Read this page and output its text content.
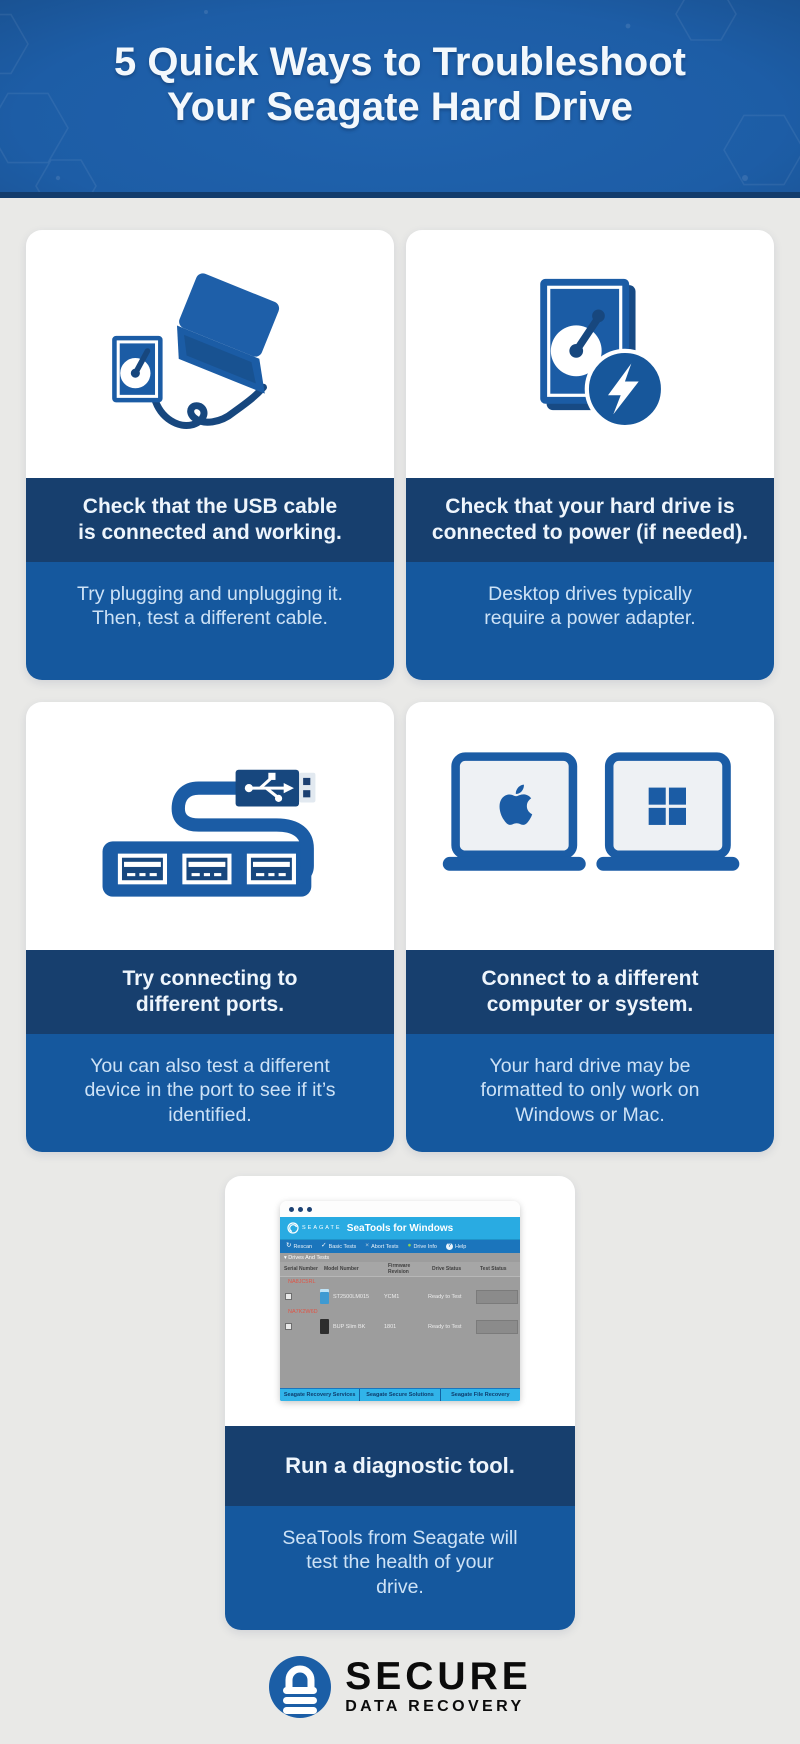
5 Quick Ways to Troubleshoot
Your Seagate Hard Drive
Check that the USB cable is connected and working.
Try plugging and unplugging it. Then, test a different cable.
Check that your hard drive is connected to power (if needed).
Desktop drives typically require a power adapter.
Try connecting to different ports.
You can also test a different device in the port to see if it’s identified.
Connect to a different computer or system.
Your hard drive may be formatted to only work on Windows or Mac.
SEAGATE SeaTools for Windows
↻ Rescan ✓ Basic Tests × Abort Tests ● Drive Info	? Help
▾ Drives And Tests
Serial Number	Model Number	Firmware Revision	Drive Status	Test Status
NA8JC5RL
ST2500LM015	YCM1	Ready to Test
NA7K2W6D
BUP Slim BK	1801	Ready to Test
Seagate Recovery Services	Seagate Secure Solutions	Seagate File Recovery
Run a diagnostic tool.
SeaTools from Seagate will test the health of your drive.
SECURE
DATA RECOVERY
